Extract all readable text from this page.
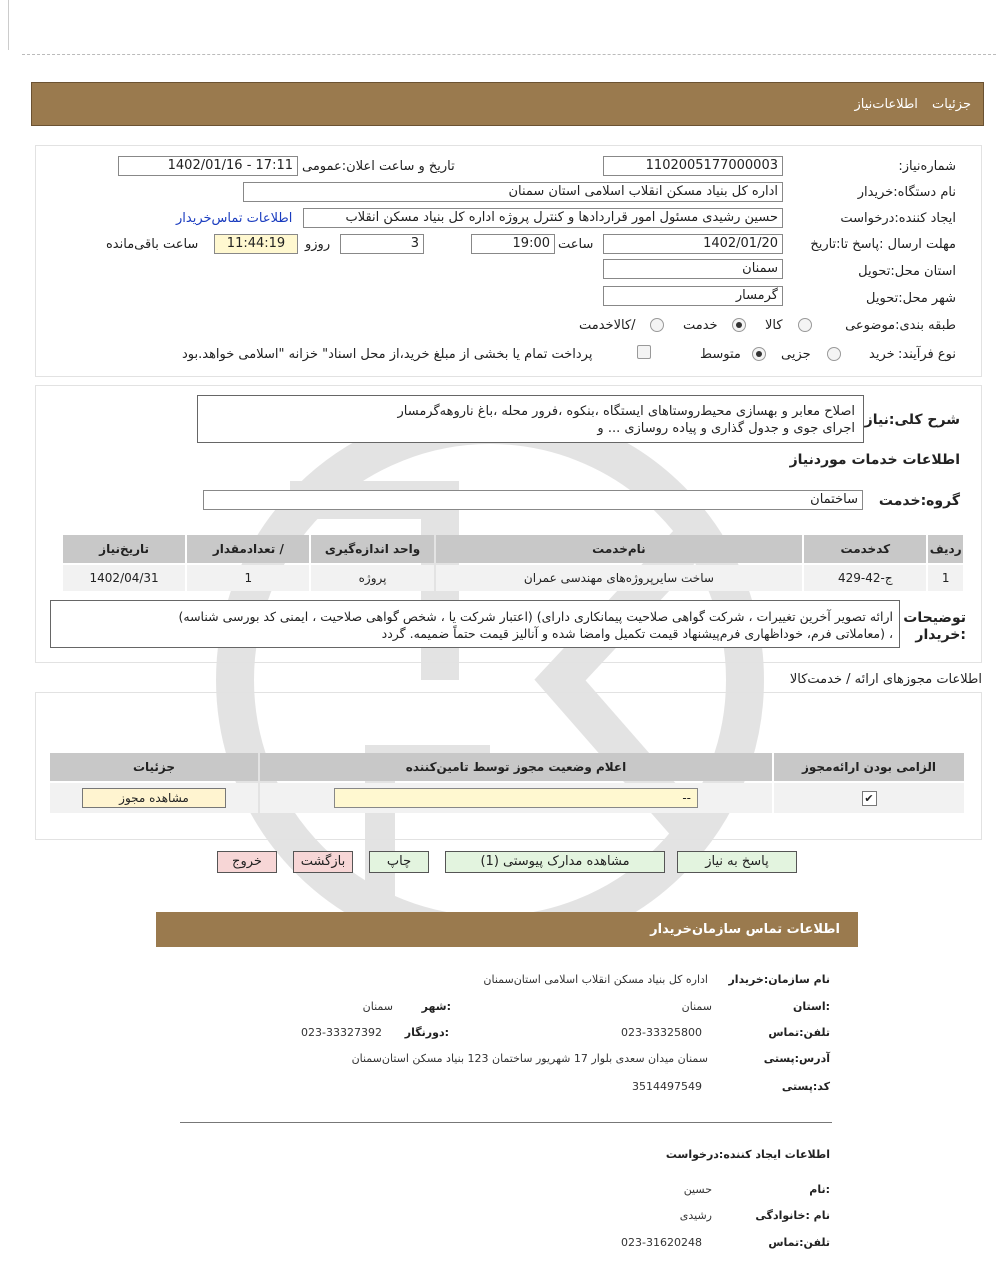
جزئیات اطلاعات‌نیاز
شماره‌نیاز:
1102005177000003
تاریخ و ساعت اعلان:عمومی
1402/01/16 - 17:11
نام دستگاه:خریدار
اداره کل بنیاد مسکن انقلاب اسلامی استان سمنان
ایجاد کننده:درخواست
حسین رشیدی مسئول امور قراردادها و کنترل پروژه اداره کل بنیاد مسکن انقلاب
اطلاعات تماس‌خریدار
مهلت ارسال :پاسخ تا:تاریخ
1402/01/20
ساعت
19:00
3
روزو
11:44:19
ساعت باقی‌مانده
استان محل:تحویل
سمنان
شهر محل:تحویل
گرمسار
طبقه بندی:موضوعی
کالا
خدمت
/کالاخدمت
نوع فرآیند:
خرید
جزیی
متوسط
پرداخت تمام یا بخشی از مبلغ خرید،از محل اسناد" خزانه "اسلامی خواهد.بود
شرح کلی:نیاز
اصلاح معابر و بهسازی محیط‌روستاهای ایستگاه ،بنکوه ،فرور محله ،باغ ناروهه‌گرمسار
اجرای جوی و جدول گذاری و پیاده روسازی ... و
اطلاعات خدمات موردنیاز
گروه:خدمت
ساختمان
ردیف	کدخدمت	نام‌خدمت	واحد اندازه‌گیری	/ تعدادمقدار	تاریخ‌نیاز
1	ج-42-429	ساخت سایرپروژه‌های مهندسی عمران	پروژه	1	1402/04/31
توضیحات :خریدار
ارائه تصویر آخرین تغییرات ، شرکت گواهی صلاحیت پیمانکاری دارای) (اعتبار شرکت یا ، شخص گواهی صلاحیت ، ایمنی کد بورسی شناسه)
، (معاملاتی فرم، خوداظهاری فرم‌پیشنهاد قیمت تکمیل وامضا شده و آنالیز قیمت حتماً ضمیمه. گردد
اطلاعات مجوزهای ارائه / خدمت‌کالا
الزامی بودن ارائه‌مجوز	اعلام وضعیت مجوز توسط تامین‌کننده	جزئیات
✔	--	مشاهده مجوز
پاسخ به نیاز
مشاهده مدارک پیوستی (1)
چاپ
بازگشت
خروج
اطلاعات تماس سازمان‌خریدار
نام سازمان:خریدار
اداره کل بنیاد مسکن انقلاب اسلامی استان‌سمنان
:استان
سمنان
:شهر
سمنان
تلفن:تماس
023-33325800
:دورنگار
023-33327392
آدرس:پستی
سمنان میدان سعدی بلوار 17 شهریور ساختمان 123 بنیاد مسکن استان‌سمنان
کد:پستی
3514497549
اطلاعات ایجاد کننده:درخواست
:نام
حسین
نام :خانوادگی
رشیدی
تلفن:تماس
023-31620248
